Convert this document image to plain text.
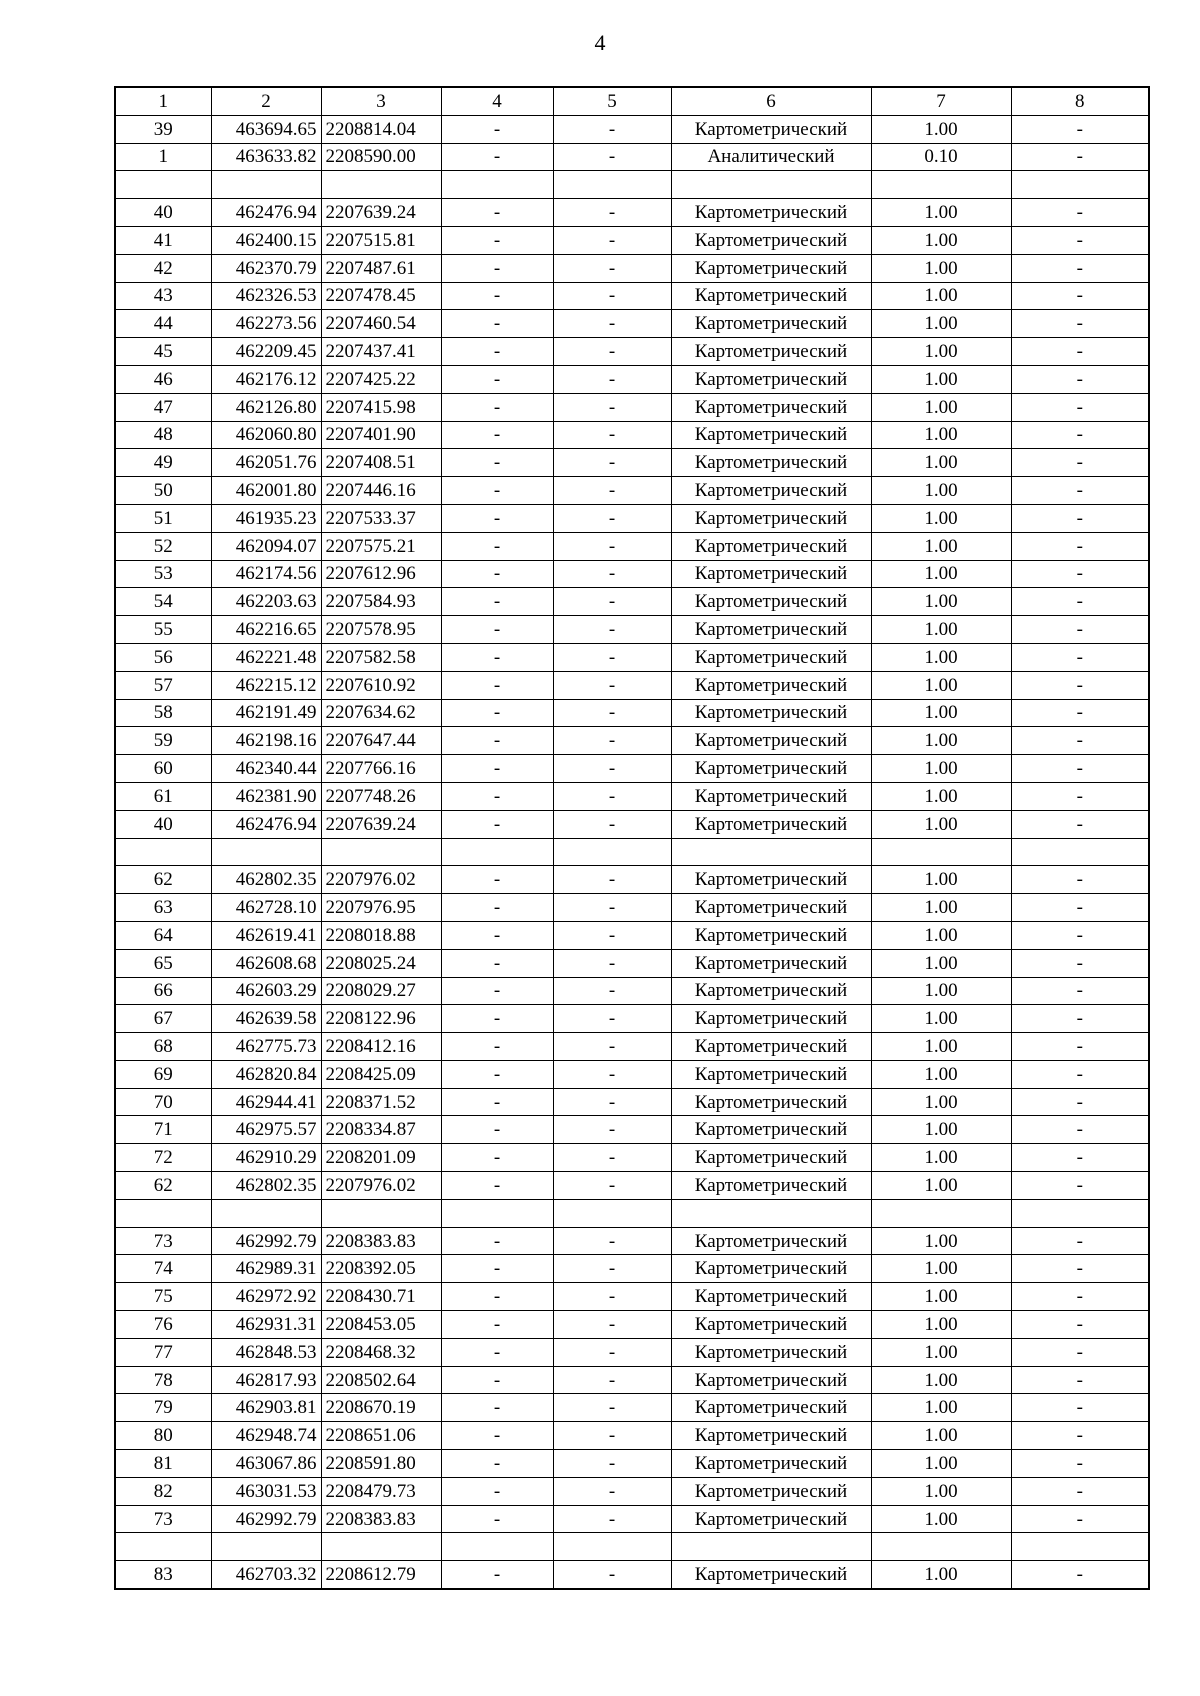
4
1	2	3	4	5	6	7	8
39	463694.65	2208814.04	-	-	Картометрический	1.00	-
1	463633.82	2208590.00	-	-	Аналитический	0.10	-

40	462476.94	2207639.24	-	-	Картометрический	1.00	-
41	462400.15	2207515.81	-	-	Картометрический	1.00	-
42	462370.79	2207487.61	-	-	Картометрический	1.00	-
43	462326.53	2207478.45	-	-	Картометрический	1.00	-
44	462273.56	2207460.54	-	-	Картометрический	1.00	-
45	462209.45	2207437.41	-	-	Картометрический	1.00	-
46	462176.12	2207425.22	-	-	Картометрический	1.00	-
47	462126.80	2207415.98	-	-	Картометрический	1.00	-
48	462060.80	2207401.90	-	-	Картометрический	1.00	-
49	462051.76	2207408.51	-	-	Картометрический	1.00	-
50	462001.80	2207446.16	-	-	Картометрический	1.00	-
51	461935.23	2207533.37	-	-	Картометрический	1.00	-
52	462094.07	2207575.21	-	-	Картометрический	1.00	-
53	462174.56	2207612.96	-	-	Картометрический	1.00	-
54	462203.63	2207584.93	-	-	Картометрический	1.00	-
55	462216.65	2207578.95	-	-	Картометрический	1.00	-
56	462221.48	2207582.58	-	-	Картометрический	1.00	-
57	462215.12	2207610.92	-	-	Картометрический	1.00	-
58	462191.49	2207634.62	-	-	Картометрический	1.00	-
59	462198.16	2207647.44	-	-	Картометрический	1.00	-
60	462340.44	2207766.16	-	-	Картометрический	1.00	-
61	462381.90	2207748.26	-	-	Картометрический	1.00	-
40	462476.94	2207639.24	-	-	Картометрический	1.00	-

62	462802.35	2207976.02	-	-	Картометрический	1.00	-
63	462728.10	2207976.95	-	-	Картометрический	1.00	-
64	462619.41	2208018.88	-	-	Картометрический	1.00	-
65	462608.68	2208025.24	-	-	Картометрический	1.00	-
66	462603.29	2208029.27	-	-	Картометрический	1.00	-
67	462639.58	2208122.96	-	-	Картометрический	1.00	-
68	462775.73	2208412.16	-	-	Картометрический	1.00	-
69	462820.84	2208425.09	-	-	Картометрический	1.00	-
70	462944.41	2208371.52	-	-	Картометрический	1.00	-
71	462975.57	2208334.87	-	-	Картометрический	1.00	-
72	462910.29	2208201.09	-	-	Картометрический	1.00	-
62	462802.35	2207976.02	-	-	Картометрический	1.00	-

73	462992.79	2208383.83	-	-	Картометрический	1.00	-
74	462989.31	2208392.05	-	-	Картометрический	1.00	-
75	462972.92	2208430.71	-	-	Картометрический	1.00	-
76	462931.31	2208453.05	-	-	Картометрический	1.00	-
77	462848.53	2208468.32	-	-	Картометрический	1.00	-
78	462817.93	2208502.64	-	-	Картометрический	1.00	-
79	462903.81	2208670.19	-	-	Картометрический	1.00	-
80	462948.74	2208651.06	-	-	Картометрический	1.00	-
81	463067.86	2208591.80	-	-	Картометрический	1.00	-
82	463031.53	2208479.73	-	-	Картометрический	1.00	-
73	462992.79	2208383.83	-	-	Картометрический	1.00	-

83	462703.32	2208612.79	-	-	Картометрический	1.00	-
